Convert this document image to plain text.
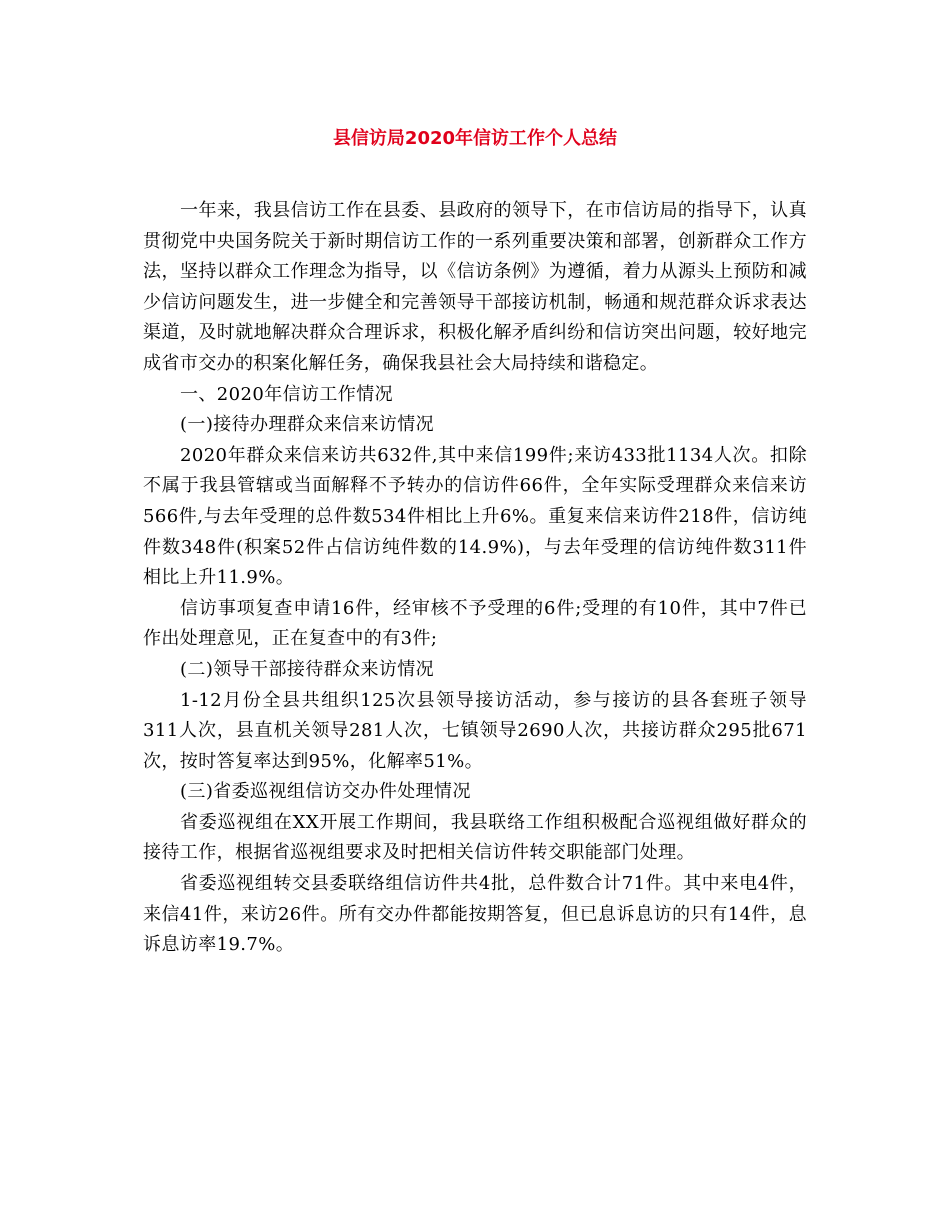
县信访局2020年信访工作个人总结

一年来，我县信访工作在县委、县政府的领导下，在市信访局的指导下，认真贯彻党中央国务院关于新时期信访工作的一系列重要决策和部署，创新群众工作方法，坚持以群众工作理念为指导，以《信访条例》为遵循，着力从源头上预防和减少信访问题发生，进一步健全和完善领导干部接访机制，畅通和规范群众诉求表达渠道，及时就地解决群众合理诉求，积极化解矛盾纠纷和信访突出问题，较好地完成省市交办的积案化解任务，确保我县社会大局持续和谐稳定。

一、2020年信访工作情况

(一)接待办理群众来信来访情况

2020年群众来信来访共632件,其中来信199件;来访433批1134人次。扣除不属于我县管辖或当面解释不予转办的信访件66件，全年实际受理群众来信来访566件,与去年受理的总件数534件相比上升6%。重复来信来访件218件，信访纯件数348件(积案52件占信访纯件数的14.9%)，与去年受理的信访纯件数311件相比上升11.9%。

信访事项复查申请16件，经审核不予受理的6件;受理的有10件，其中7件已作出处理意见，正在复查中的有3件;

(二)领导干部接待群众来访情况

1-12月份全县共组织125次县领导接访活动，参与接访的县各套班子领导311人次，县直机关领导281人次，七镇领导2690人次，共接访群众295批671次，按时答复率达到95%，化解率51%。

(三)省委巡视组信访交办件处理情况

省委巡视组在XX开展工作期间，我县联络工作组积极配合巡视组做好群众的接待工作，根据省巡视组要求及时把相关信访件转交职能部门处理。

省委巡视组转交县委联络组信访件共4批，总件数合计71件。其中来电4件，来信41件，来访26件。所有交办件都能按期答复，但已息诉息访的只有14件，息诉息访率19.7%。
